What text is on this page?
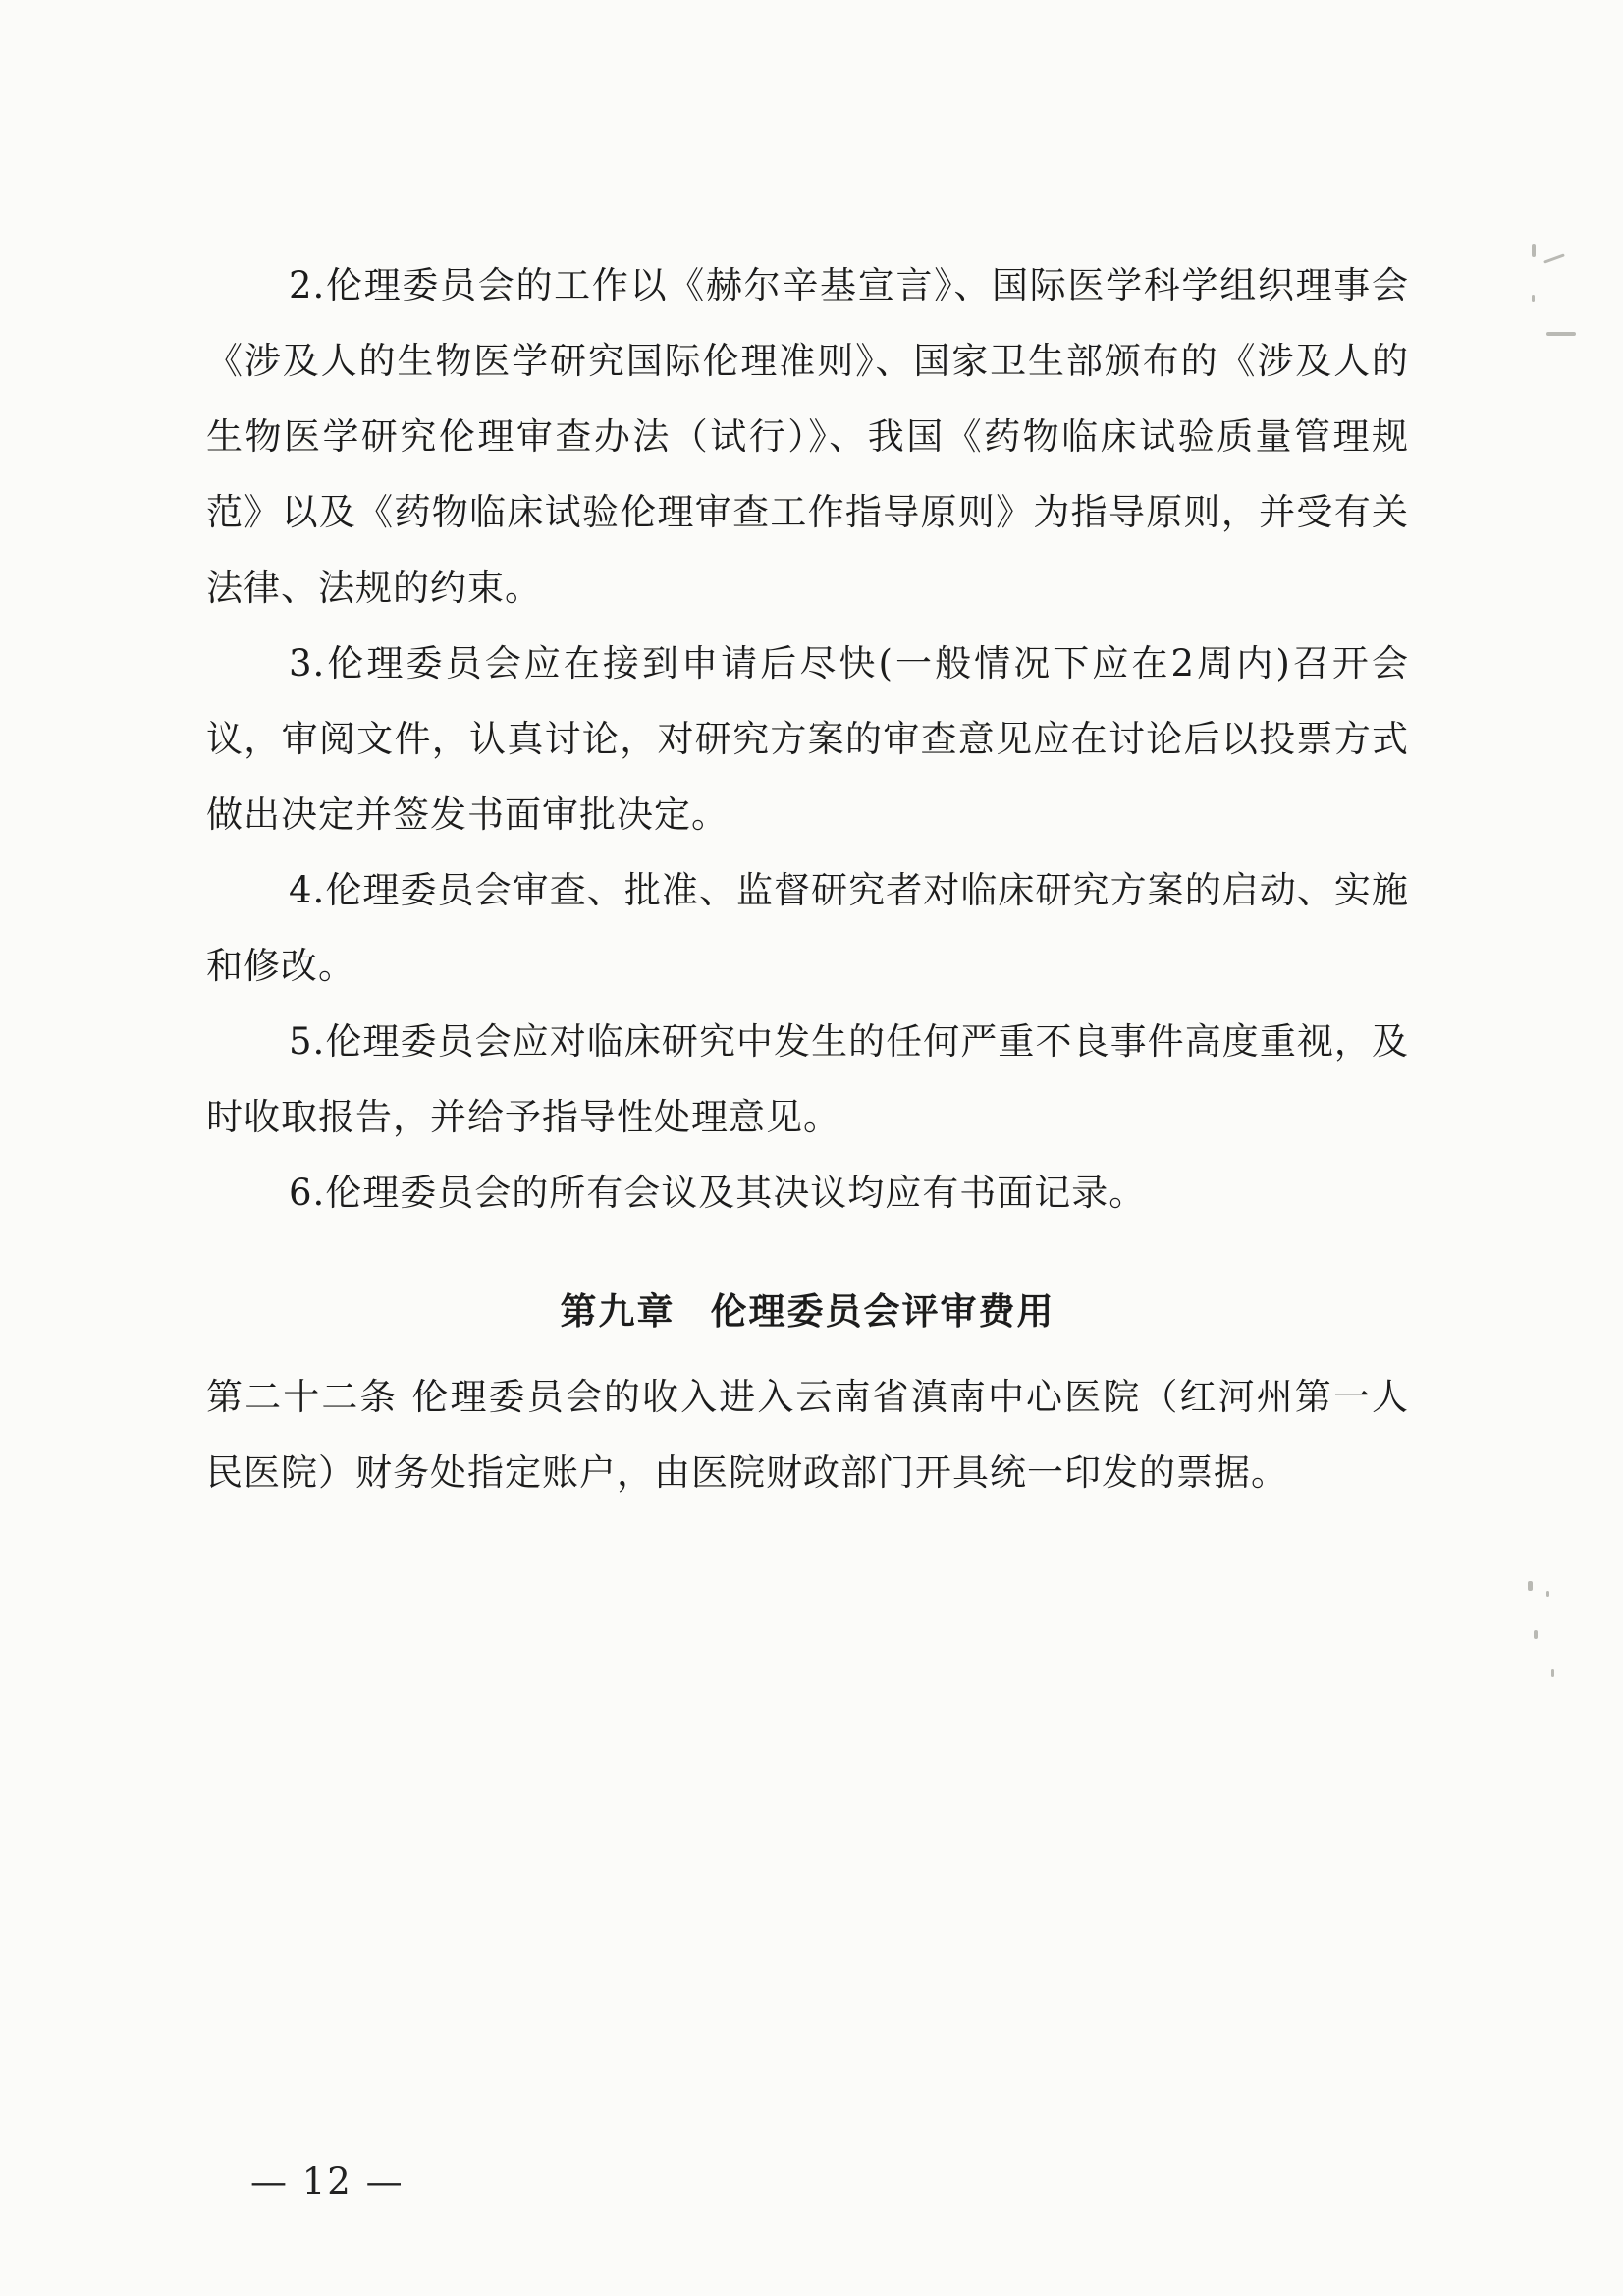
2.伦理委员会的工作以《赫尔辛基宣言》、国际医学科学组织理事会《涉及人的生物医学研究国际伦理准则》、国家卫生部颁布的《涉及人的生物医学研究伦理审查办法（试行）》、我国《药物临床试验质量管理规范》以及《药物临床试验伦理审查工作指导原则》为指导原则，并受有关法律、法规的约束。

3.伦理委员会应在接到申请后尽快(一般情况下应在2周内)召开会议，审阅文件，认真讨论，对研究方案的审查意见应在讨论后以投票方式做出决定并签发书面审批决定。

4.伦理委员会审查、批准、监督研究者对临床研究方案的启动、实施和修改。

5.伦理委员会应对临床研究中发生的任何严重不良事件高度重视，及时收取报告，并给予指导性处理意见。

6.伦理委员会的所有会议及其决议均应有书面记录。

第九章 伦理委员会评审费用

第二十二条 伦理委员会的收入进入云南省滇南中心医院（红河州第一人民医院）财务处指定账户，由医院财政部门开具统一印发的票据。

— 12 —
